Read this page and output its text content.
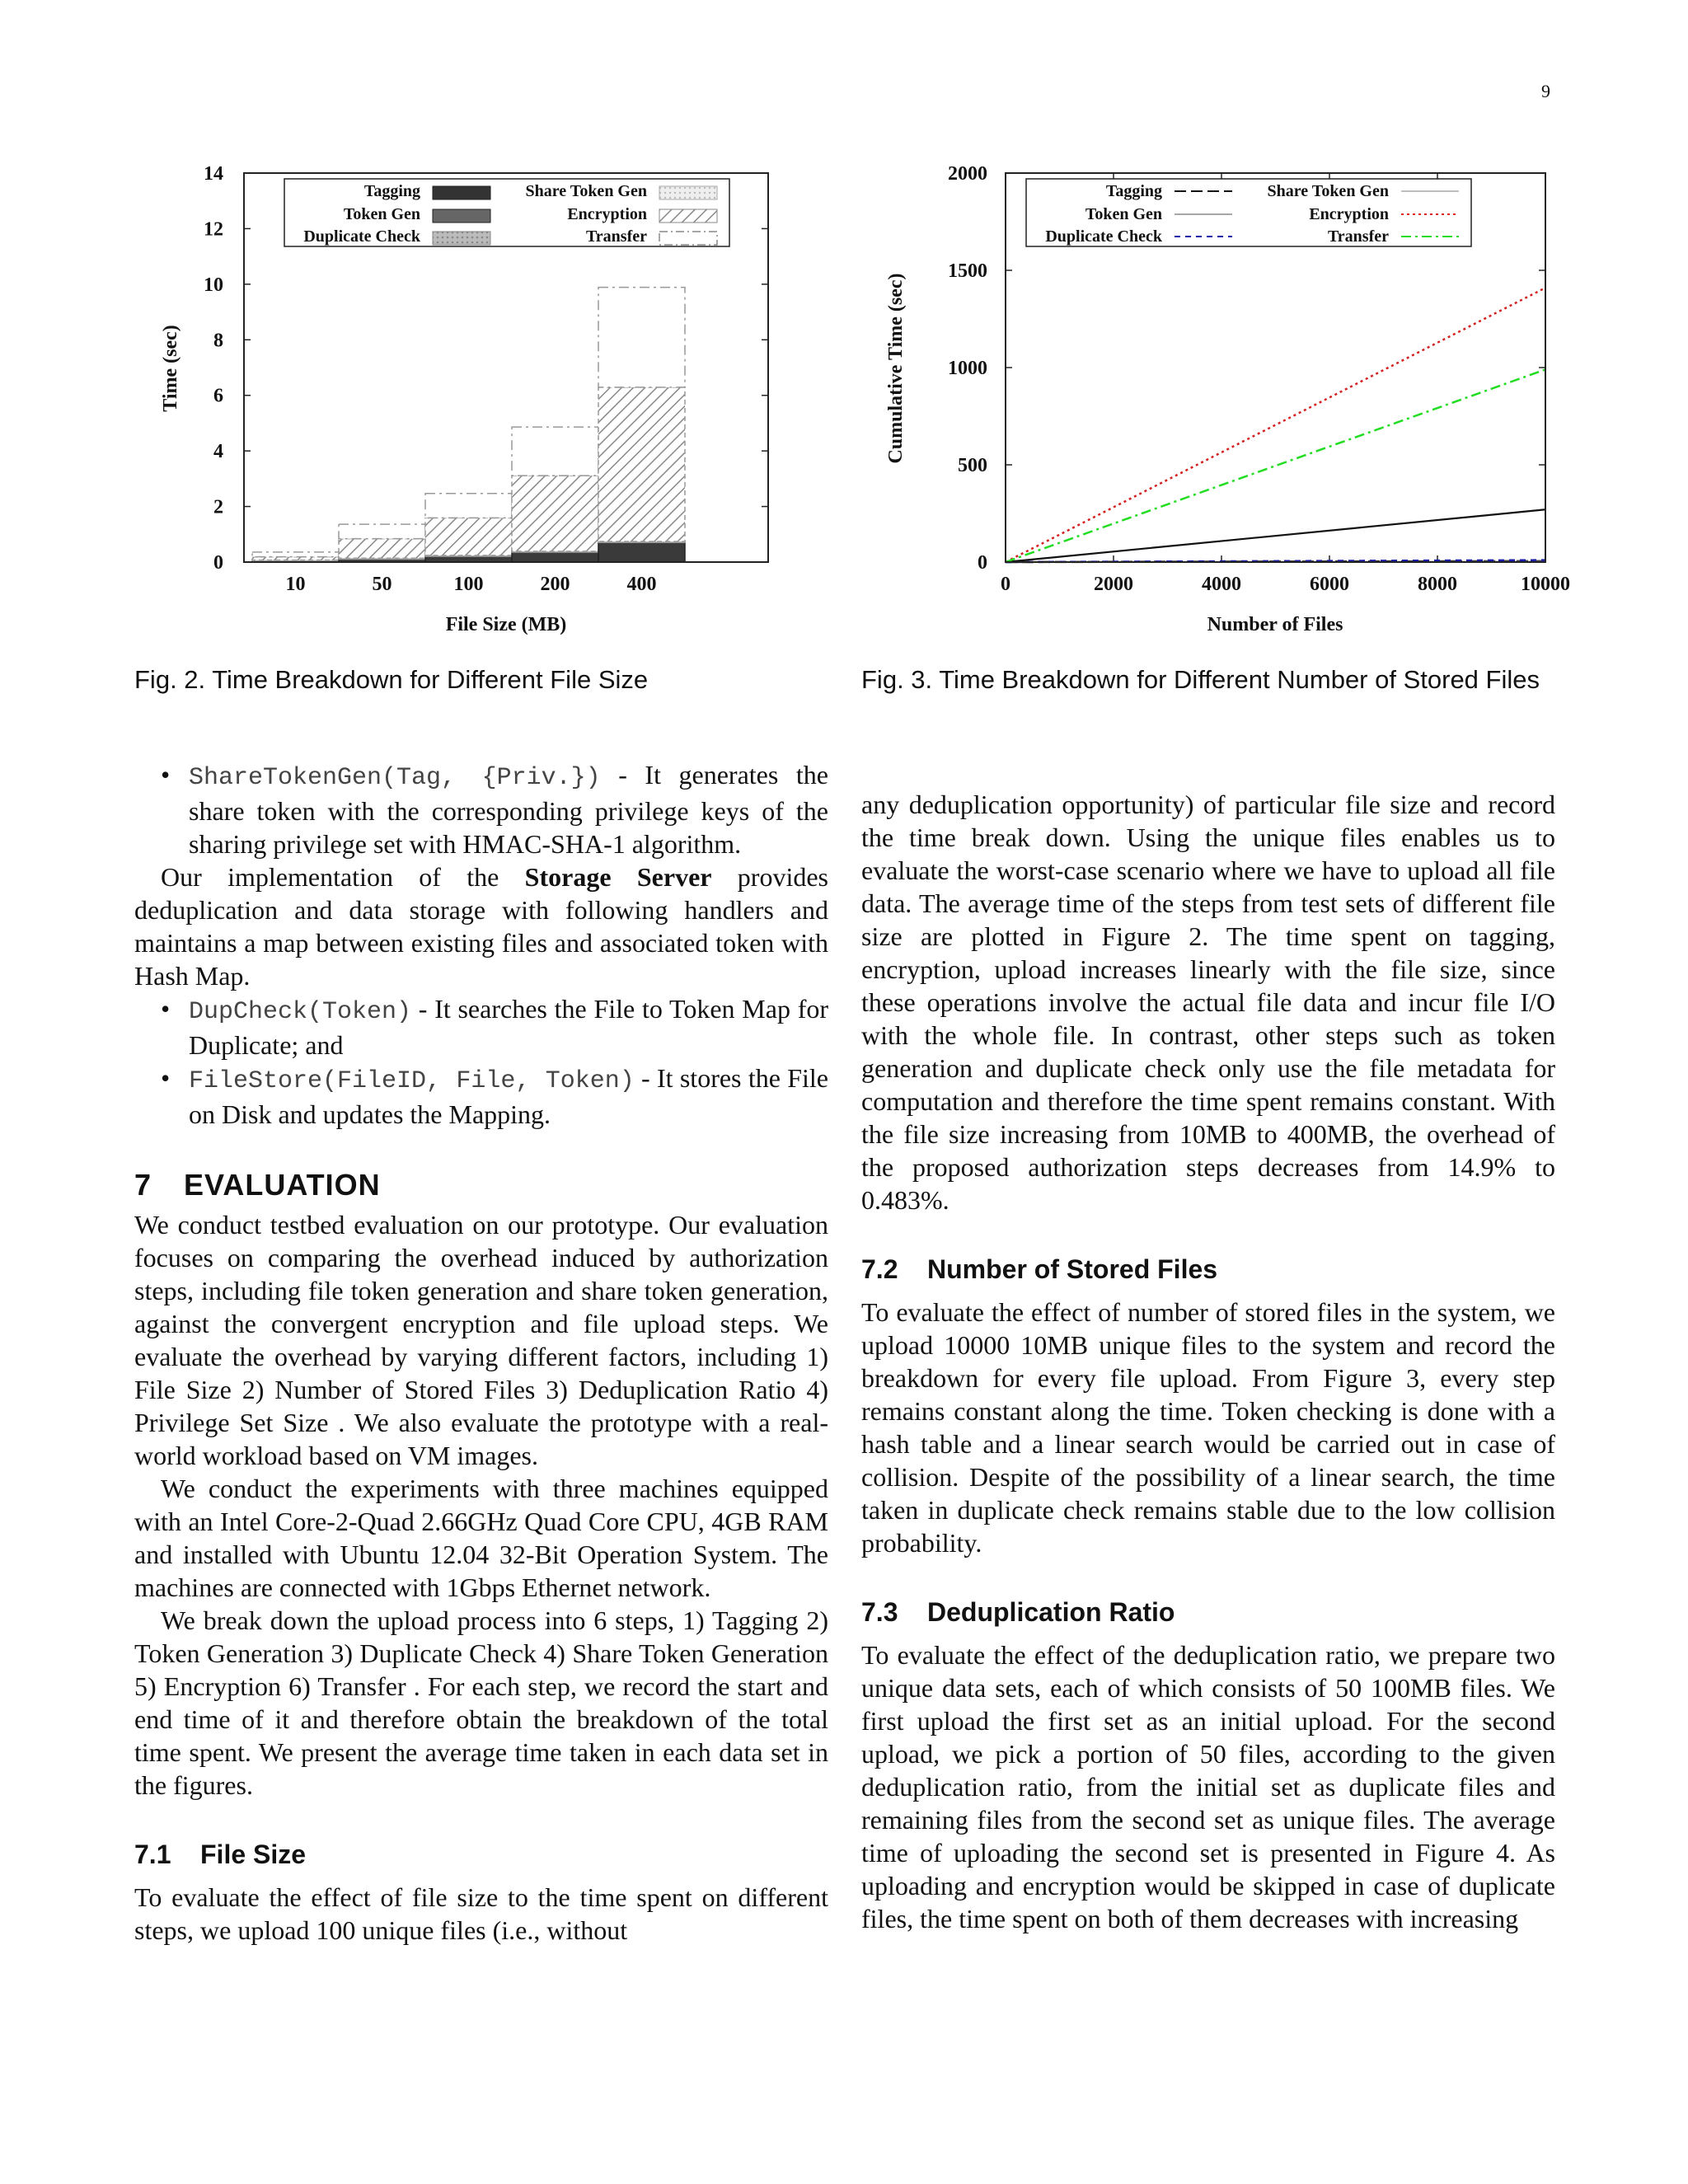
9
0
2
4
6
8
10
12
14
10	50	100	200	400
Tagging
Token Gen
Duplicate Check
Share Token Gen
Encryption
Transfer
File Size (MB)
Time (sec)
0
500
1000
1500
2000
0	2000	4000	6000	8000	10000
Tagging
Token Gen
Duplicate Check
Share Token Gen
Encryption
Transfer
Number of Files
Cumulative Time (sec)
Fig. 2. Time Breakdown for Different File Size	Fig. 3. Time Breakdown for Different Number of Stored Files
• ShareTokenGen(Tag, {Priv.}) - It generates the share token with the corresponding privilege keys of the sharing privilege set with HMAC-SHA-1 algorithm.

Our implementation of the Storage Server provides deduplication and data storage with following handlers and maintains a map between existing files and associated token with Hash Map.

• DupCheck(Token) - It searches the File to Token Map for Duplicate; and
• FileStore(FileID, File, Token) - It stores the File on Disk and updates the Mapping.
7 EVALUATION

We conduct testbed evaluation on our prototype. Our evaluation focuses on comparing the overhead induced by authorization steps, including file token generation and share token generation, against the convergent encryption and file upload steps. We evaluate the overhead by varying different factors, including 1) File Size 2) Number of Stored Files 3) Deduplication Ratio 4) Privilege Set Size . We also evaluate the prototype with a real-world workload based on VM images.

We conduct the experiments with three machines equipped with an Intel Core-2-Quad 2.66GHz Quad Core CPU, 4GB RAM and installed with Ubuntu 12.04 32-Bit Operation System. The machines are connected with 1Gbps Ethernet network.

We break down the upload process into 6 steps, 1) Tagging 2) Token Generation 3) Duplicate Check 4) Share Token Generation 5) Encryption 6) Transfer . For each step, we record the start and end time of it and therefore obtain the breakdown of the total time spent. We present the average time taken in each data set in the figures.

7.1 File Size

To evaluate the effect of file size to the time spent on different steps, we upload 100 unique files (i.e., without

any deduplication opportunity) of particular file size and record the time break down. Using the unique files enables us to evaluate the worst-case scenario where we have to upload all file data. The average time of the steps from test sets of different file size are plotted in Figure 2. The time spent on tagging, encryption, upload increases linearly with the file size, since these operations involve the actual file data and incur file I/O with the whole file. In contrast, other steps such as token generation and duplicate check only use the file metadata for computation and therefore the time spent remains constant. With the file size increasing from 10MB to 400MB, the overhead of the proposed authorization steps decreases from 14.9% to 0.483%.

7.2 Number of Stored Files

To evaluate the effect of number of stored files in the system, we upload 10000 10MB unique files to the system and record the breakdown for every file upload. From Figure 3, every step remains constant along the time. Token checking is done with a hash table and a linear search would be carried out in case of collision. Despite of the possibility of a linear search, the time taken in duplicate check remains stable due to the low collision probability.

7.3 Deduplication Ratio

To evaluate the effect of the deduplication ratio, we prepare two unique data sets, each of which consists of 50 100MB files. We first upload the first set as an initial upload. For the second upload, we pick a portion of 50 files, according to the given deduplication ratio, from the initial set as duplicate files and remaining files from the second set as unique files. The average time of uploading the second set is presented in Figure 4. As uploading and encryption would be skipped in case of duplicate files, the time spent on both of them decreases with increasing
